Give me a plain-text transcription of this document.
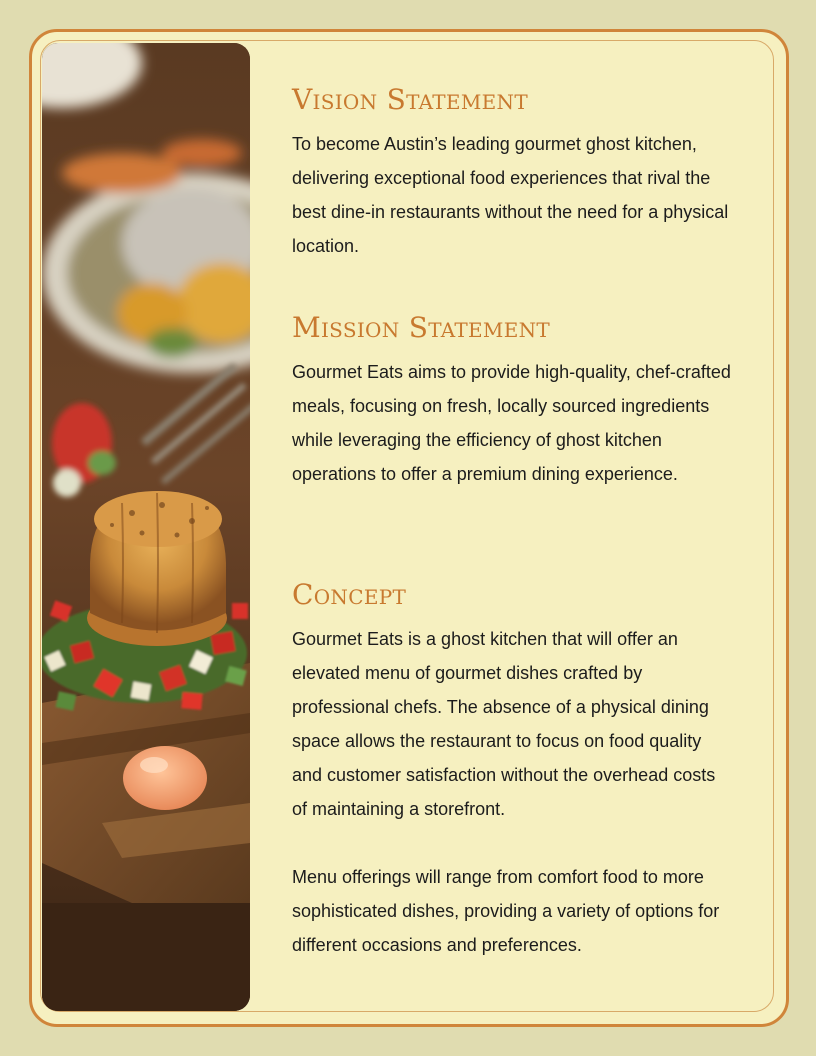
Vision Statement

To become Austin’s leading gourmet ghost kitchen, delivering exceptional food experiences that rival the best dine-in restaurants without the need for a physical location.

Mission Statement

Gourmet Eats aims to provide high-quality, chef-crafted meals, focusing on fresh, locally sourced ingredients while leveraging the efficiency of ghost kitchen operations to offer a premium dining experience.

Concept

Gourmet Eats is a ghost kitchen that will offer an elevated menu of gourmet dishes crafted by professional chefs. The absence of a physical dining space allows the restaurant to focus on food quality and customer satisfaction without the overhead costs of maintaining a storefront.

Menu offerings will range from comfort food to more sophisticated dishes, providing a variety of options for different occasions and preferences.
